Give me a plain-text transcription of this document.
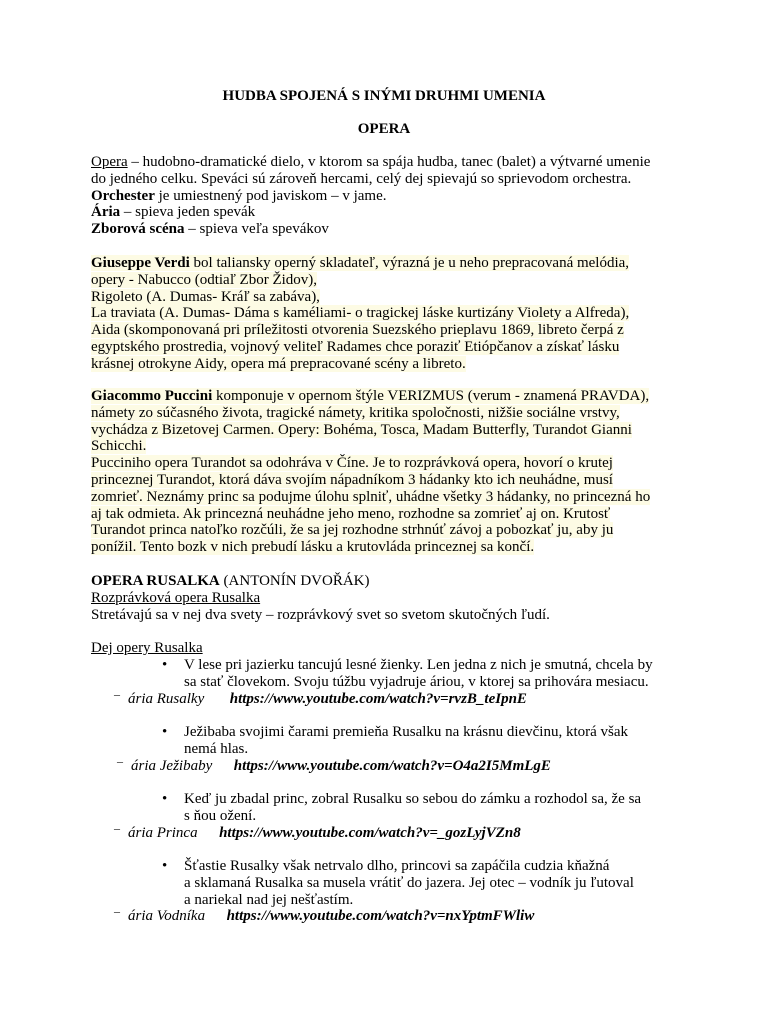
HUDBA SPOJENÁ S INÝMI DRUHMI UMENIA
OPERA
Opera – hudobno-dramatické dielo, v ktorom sa spája hudba, tanec (balet) a výtvarné umenie
do jedného celku. Speváci sú zároveň hercami, celý dej spievajú so sprievodom orchestra.
Orchester je umiestnený pod javiskom – v jame.
Ária – spieva jeden spevák
Zborová scéna – spieva veľa spevákov
Giuseppe Verdi bol taliansky operný skladateľ, výrazná je u neho prepracovaná melódia,
opery - Nabucco (odtiaľ Zbor Židov),
Rigoleto (A. Dumas- Kráľ sa zabáva),
La traviata (A. Dumas- Dáma s kaméliami- o tragickej láske kurtizány Violety a Alfreda),
Aida (skomponovaná pri príležitosti otvorenia Suezského prieplavu 1869, libreto čerpá z
egyptského prostredia, vojnový veliteľ Radames chce poraziť Etiópčanov a získať lásku
krásnej otrokyne Aidy, opera má prepracované scény a libreto.
Giacommo Puccini komponuje v opernom štýle VERIZMUS (verum - znamená PRAVDA),
námety zo súčasného života, tragické námety, kritika spoločnosti, nižšie sociálne vrstvy,
vychádza z Bizetovej Carmen. Opery: Bohéma, Tosca, Madam Butterfly, Turandot Gianni
Schicchi.
Pucciniho opera Turandot sa odohráva v Číne. Je to rozprávková opera, hovorí o krutej
princeznej Turandot, ktorá dáva svojím nápadníkom 3 hádanky kto ich neuhádne, musí
zomrieť. Neznámy princ sa podujme úlohu splniť, uhádne všetky 3 hádanky, no princezná ho
aj tak odmieta. Ak princezná neuhádne jeho meno, rozhodne sa zomrieť aj on. Krutosť
Turandot princa natoľko rozčúli, že sa jej rozhodne strhnúť závoj a pobozkať ju, aby ju
ponížil. Tento bozk v nich prebudí lásku a krutovláda princeznej sa končí.
OPERA RUSALKA (ANTONÍN DVOŘÁK)
Rozprávková opera Rusalka
Stretávajú sa v nej dva svety – rozprávkový svet so svetom skutočných ľudí.
Dej opery Rusalka
• V lese pri jazierku tancujú lesné žienky. Len jedna z nich je smutná, chcela by
sa stať človekom. Svoju túžbu vyjadruje áriou, v ktorej sa prihovára mesiacu.
– ária Rusalky https://www.youtube.com/watch?v=rvzB_teIpnE
• Ježibaba svojimi čarami premieňa Rusalku na krásnu dievčinu, ktorá však
nemá hlas.
– ária Ježibaby https://www.youtube.com/watch?v=O4a2I5MmLgE
• Keď ju zbadal princ, zobral Rusalku so sebou do zámku a rozhodol sa, že sa
s ňou ožení.
– ária Princa https://www.youtube.com/watch?v=_gozLyjVZn8
• Šťastie Rusalky však netrvalo dlho, princovi sa zapáčila cudzia kňažná
a sklamaná Rusalka sa musela vrátiť do jazera. Jej otec – vodník ju ľutoval
a nariekal nad jej nešťastím.
– ária Vodníka https://www.youtube.com/watch?v=nxYptmFWliw
